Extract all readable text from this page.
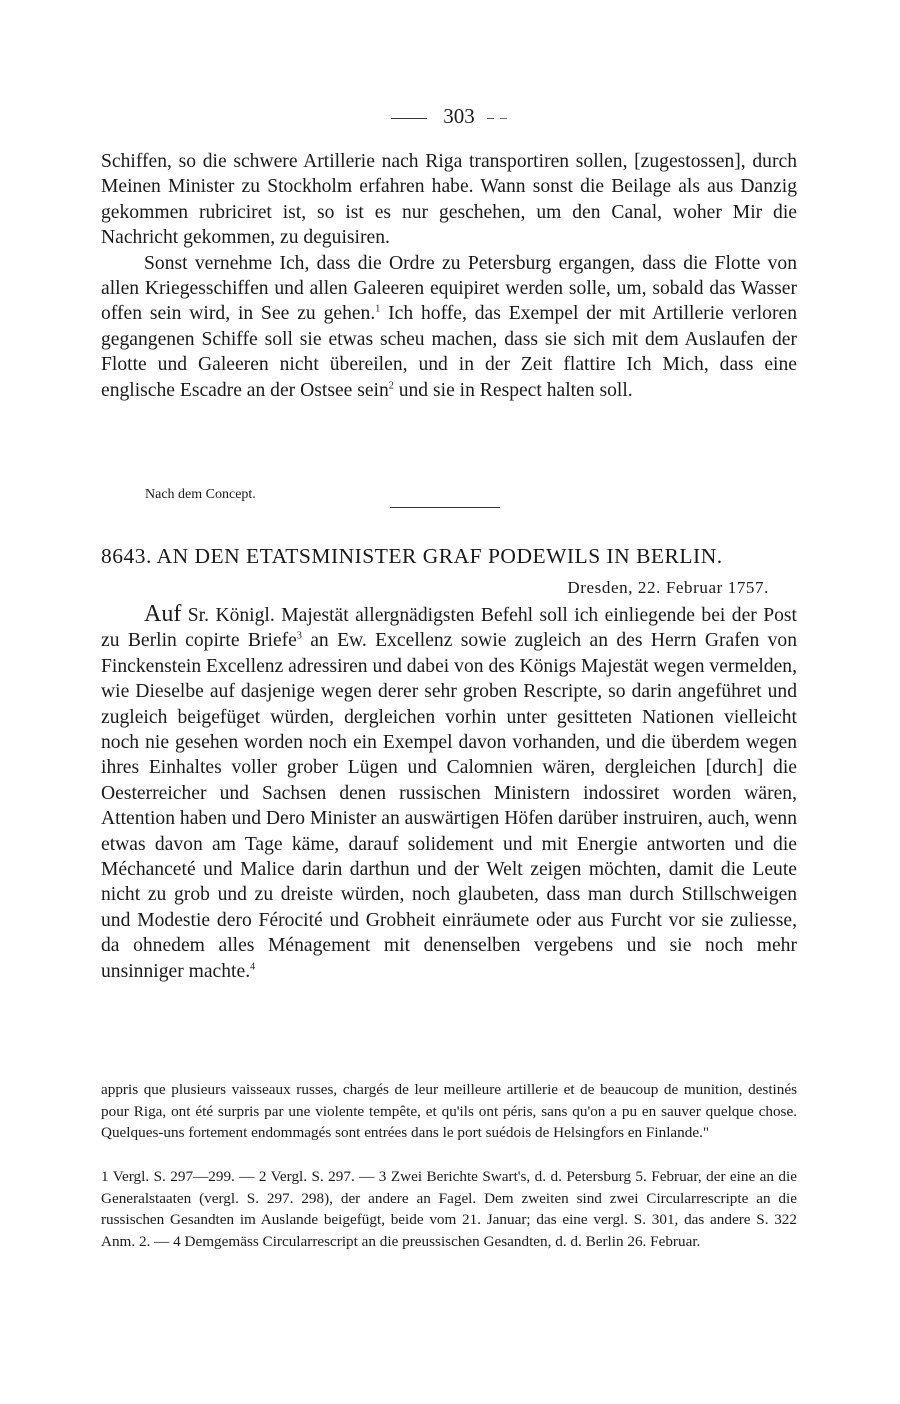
303

Schiffen, so die schwere Artillerie nach Riga transportiren sollen, [zugestossen], durch Meinen Minister zu Stockholm erfahren habe. Wann sonst die Beilage als aus Danzig gekommen rubriciret ist, so ist es nur geschehen, um den Canal, woher Mir die Nachricht gekommen, zu deguisiren.

Sonst vernehme Ich, dass die Ordre zu Petersburg ergangen, dass die Flotte von allen Kriegesschiffen und allen Galeeren equipiret werden solle, um, sobald das Wasser offen sein wird, in See zu gehen.$^1$ Ich hoffe, das Exempel der mit Artillerie verloren gegangenen Schiffe soll sie etwas scheu machen, dass sie sich mit dem Auslaufen der Flotte und Galeeren nicht übereilen, und in der Zeit flattire Ich Mich, dass eine englische Escadre an der Ostsee sein$^2$ und sie in Respect halten soll.

Nach dem Concept.
8643. AN DEN ETATSMINISTER GRAF PODEWILS IN BERLIN.
Dresden, 22. Februar 1757.

Auf Sr. Königl. Majestät allergnädigsten Befehl soll ich einliegende bei der Post zu Berlin copirte Briefe$^3$ an Ew. Excellenz sowie zugleich an des Herrn Grafen von Finckenstein Excellenz adressiren und dabei von des Königs Majestät wegen vermelden, wie Dieselbe auf dasjenige wegen derer sehr groben Rescripte, so darin angeführet und zugleich beigefüget würden, dergleichen vorhin unter gesitteten Nationen vielleicht noch nie gesehen worden noch ein Exempel davon vorhanden, und die überdem wegen ihres Einhaltes voller grober Lügen und Calomnien wären, dergleichen [durch] die Oesterreicher und Sachsen denen russischen Ministern indossiret worden wären, Attention haben und Dero Minister an auswärtigen Höfen darüber instruiren, auch, wenn etwas davon am Tage käme, darauf solidement und mit Energie antworten und die Méchanceté und Malice darin darthun und der Welt zeigen möchten, damit die Leute nicht zu grob und zu dreiste würden, noch glaubeten, dass man durch Stillschweigen und Modestie dero Férocité und Grobheit einräumete oder aus Furcht vor sie zuliesse, da ohnedem alles Ménagement mit denenselben vergebens und sie noch mehr unsinniger machte.$^4$

appris que plusieurs vaisseaux russes, chargés de leur meilleure artillerie et de beaucoup de munition, destinés pour Riga, ont été surpris par une violente tempête, et qu'ils ont péris, sans qu'on a pu en sauver quelque chose. Quelques-uns fortement endommagés sont entrées dans le port suédois de Helsingfors en Finlande."

1 Vergl. S. 297—299. — 2 Vergl. S. 297. — 3 Zwei Berichte Swart's, d. d. Petersburg 5. Februar, der eine an die Generalstaaten (vergl. S. 297. 298), der andere an Fagel. Dem zweiten sind zwei Circularrescripte an die russischen Gesandten im Auslande beigefügt, beide vom 21. Januar; das eine vergl. S. 301, das andere S. 322 Anm. 2. — 4 Demgemäss Circularrescript an die preussischen Gesandten, d. d. Berlin 26. Februar.
